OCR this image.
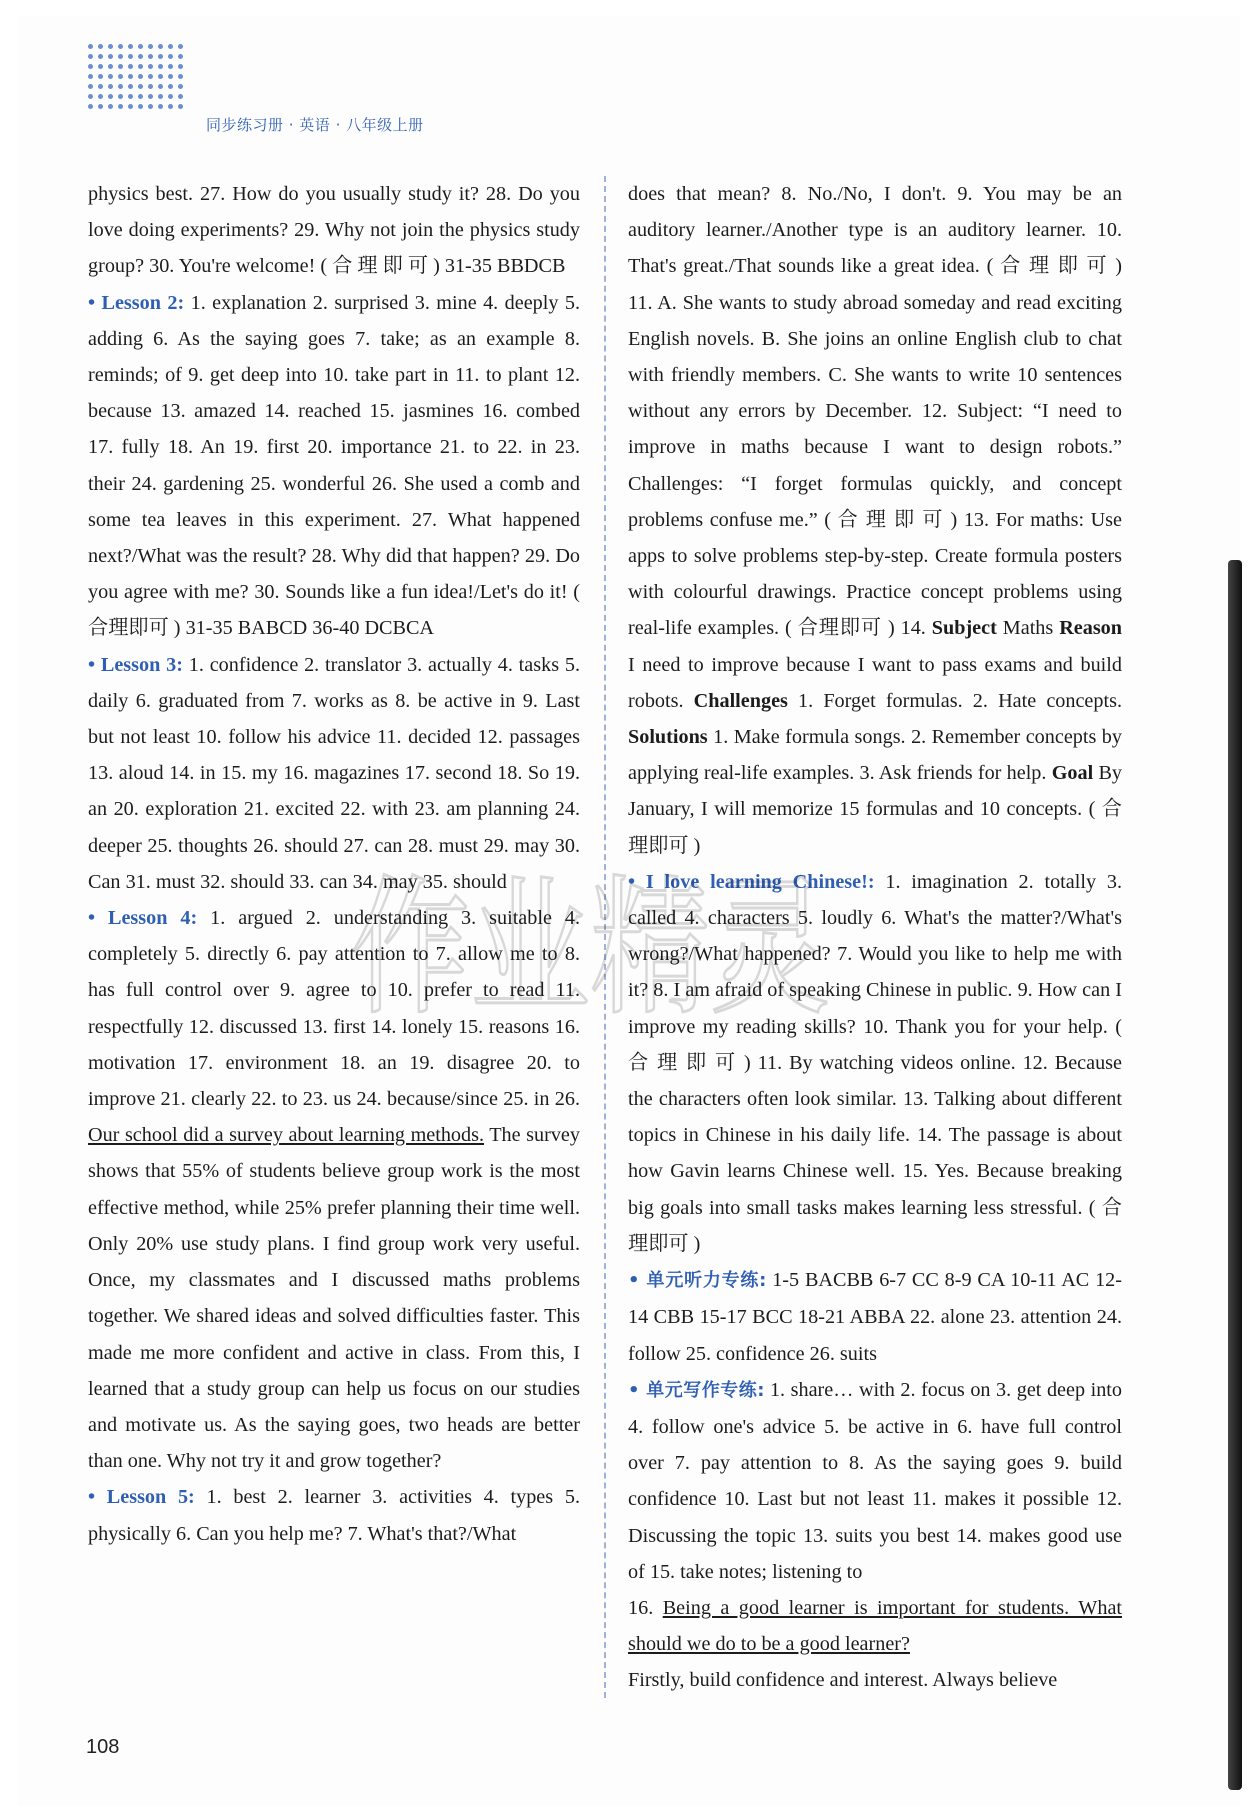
同步练习册 · 英语 · 八年级上册

physics best. 27. How do you usually study it? 28. Do you love doing experiments? 29. Why not join the physics study group? 30. You're welcome! ( 合 理 即 可 ) 31-35 BBDCB

• Lesson 2: 1. explanation 2. surprised 3. mine 4. deeply 5. adding 6. As the saying goes 7. take; as an example 8. reminds; of 9. get deep into 10. take part in 11. to plant 12. because 13. amazed 14. reached 15. jasmines 16. combed 17. fully 18. An 19. first 20. importance 21. to 22. in 23. their 24. gardening 25. wonderful 26. She used a comb and some tea leaves in this experiment. 27. What happened next?/What was the result? 28. Why did that happen? 29. Do you agree with me? 30. Sounds like a fun idea!/Let's do it! ( 合理即可 ) 31-35 BABCD 36-40 DCBCA

• Lesson 3: 1. confidence 2. translator 3. actually 4. tasks 5. daily 6. graduated from 7. works as 8. be active in 9. Last but not least 10. follow his advice 11. decided 12. passages 13. aloud 14. in 15. my 16. magazines 17. second 18. So 19. an 20. exploration 21. excited 22. with 23. am planning 24. deeper 25. thoughts 26. should 27. can 28. must 29. may 30. Can 31. must 32. should 33. can 34. may 35. should

• Lesson 4: 1. argued 2. understanding 3. suitable 4. completely 5. directly 6. pay attention to 7. allow me to 8. has full control over 9. agree to 10. prefer to read 11. respectfully 12. discussed 13. first 14. lonely 15. reasons 16. motivation 17. environment 18. an 19. disagree 20. to improve 21. clearly 22. to 23. us 24. because/since 25. in 26. Our school did a survey about learning methods. The survey shows that 55% of students believe group work is the most effective method, while 25% prefer planning their time well. Only 20% use study plans. I find group work very useful. Once, my classmates and I discussed maths problems together. We shared ideas and solved difficulties faster. This made me more confident and active in class. From this, I learned that a study group can help us focus on our studies and motivate us. As the saying goes, two heads are better than one. Why not try it and grow together?

• Lesson 5: 1. best 2. learner 3. activities 4. types 5. physically 6. Can you help me? 7. What's that?/What

does that mean? 8. No./No, I don't. 9. You may be an auditory learner./Another type is an auditory learner. 10. That's great./That sounds like a great idea. ( 合 理 即 可 ) 11. A. She wants to study abroad someday and read exciting English novels. B. She joins an online English club to chat with friendly members. C. She wants to write 10 sentences without any errors by December. 12. Subject: “I need to improve in maths because I want to design robots.” Challenges: “I forget formulas quickly, and concept problems confuse me.” ( 合 理 即 可 ) 13. For maths: Use apps to solve problems step-by-step. Create formula posters with colourful drawings. Practice concept problems using real-life examples. ( 合理即可 ) 14. Subject Maths Reason I need to improve because I want to pass exams and build robots. Challenges 1. Forget formulas. 2. Hate concepts. Solutions 1. Make formula songs. 2. Remember concepts by applying real-life examples. 3. Ask friends for help. Goal By January, I will memorize 15 formulas and 10 concepts. ( 合理即可 )

• I love learning Chinese!: 1. imagination 2. totally 3. called 4. characters 5. loudly 6. What's the matter?/What's wrong?/What happened? 7. Would you like to help me with it? 8. I am afraid of speaking Chinese in public. 9. How can I improve my reading skills? 10. Thank you for your help. ( 合 理 即 可 ) 11. By watching videos online. 12. Because the characters often look similar. 13. Talking about different topics in Chinese in his daily life. 14. The passage is about how Gavin learns Chinese well. 15. Yes. Because breaking big goals into small tasks makes learning less stressful. ( 合理即可 )

• 单元听力专练: 1-5 BACBB 6-7 CC 8-9 CA 10-11 AC 12-14 CBB 15-17 BCC 18-21 ABBA 22. alone 23. attention 24. follow 25. confidence 26. suits

• 单元写作专练: 1. share… with 2. focus on 3. get deep into 4. follow one's advice 5. be active in 6. have full control over 7. pay attention to 8. As the saying goes 9. build confidence 10. Last but not least 11. makes it possible 12. Discussing the topic 13. suits you best 14. makes good use of 15. take notes; listening to

16. Being a good learner is important for students. What should we do to be a good learner?

Firstly, build confidence and interest. Always believe

108
